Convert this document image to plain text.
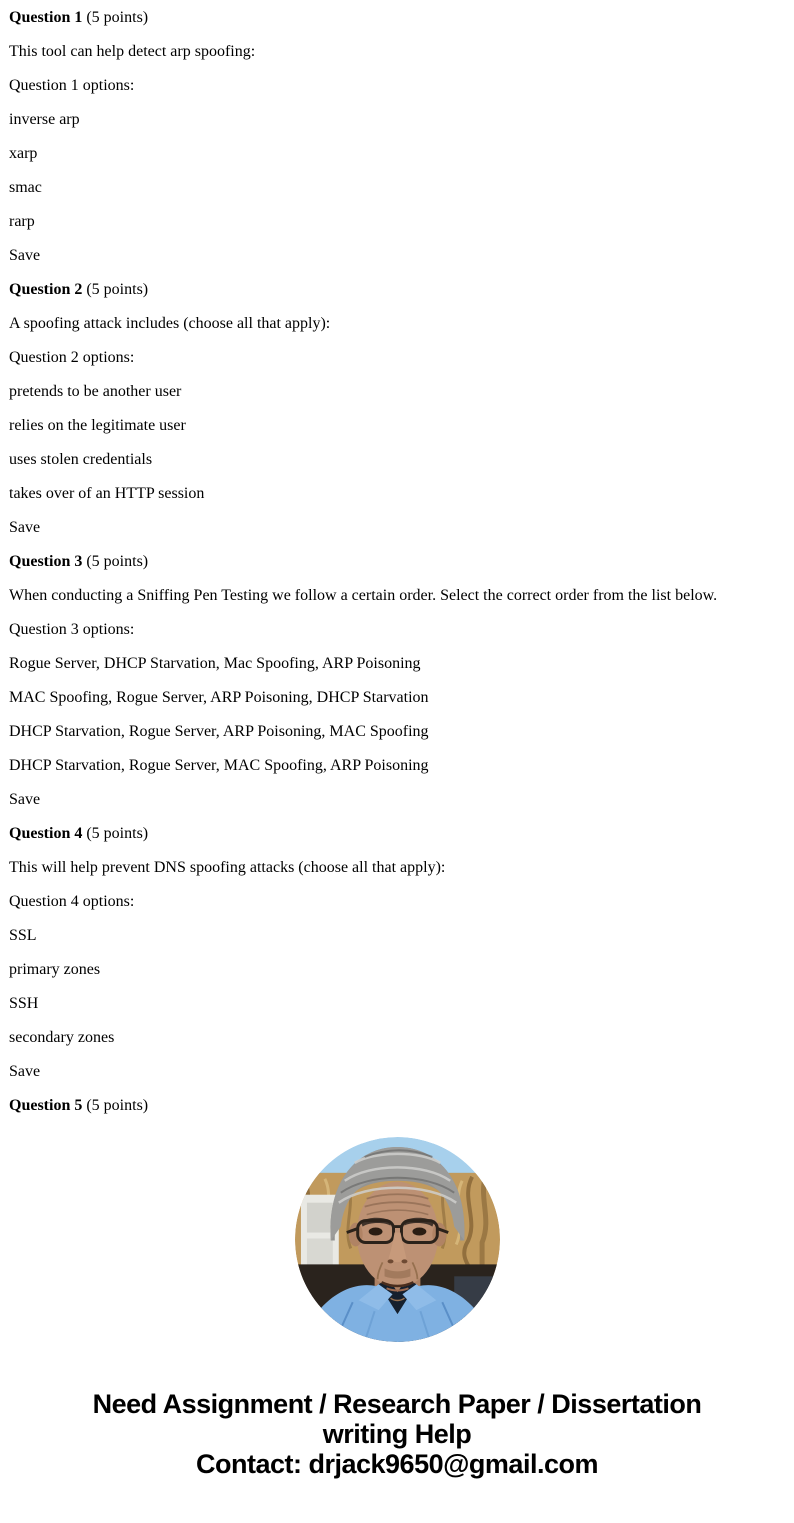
Question 1 (5 points)

This tool can help detect arp spoofing:

Question 1 options:

inverse arp

xarp

smac

rarp

Save

Question 2 (5 points)

A spoofing attack includes (choose all that apply):

Question 2 options:

pretends to be another user

relies on the legitimate user

uses stolen credentials

takes over of an HTTP session

Save

Question 3 (5 points)

When conducting a Sniffing Pen Testing we follow a certain order. Select the correct order from the list below.

Question 3 options:

Rogue Server, DHCP Starvation, Mac Spoofing, ARP Poisoning

MAC Spoofing, Rogue Server, ARP Poisoning, DHCP Starvation

DHCP Starvation, Rogue Server, ARP Poisoning, MAC Spoofing

DHCP Starvation, Rogue Server, MAC Spoofing, ARP Poisoning

Save

Question 4 (5 points)

This will help prevent DNS spoofing attacks (choose all that apply):

Question 4 options:

SSL

primary zones

SSH

secondary zones

Save

Question 5 (5 points)

Need Assignment / Research Paper / Dissertation
writing Help
Contact: drjack9650@gmail.com
